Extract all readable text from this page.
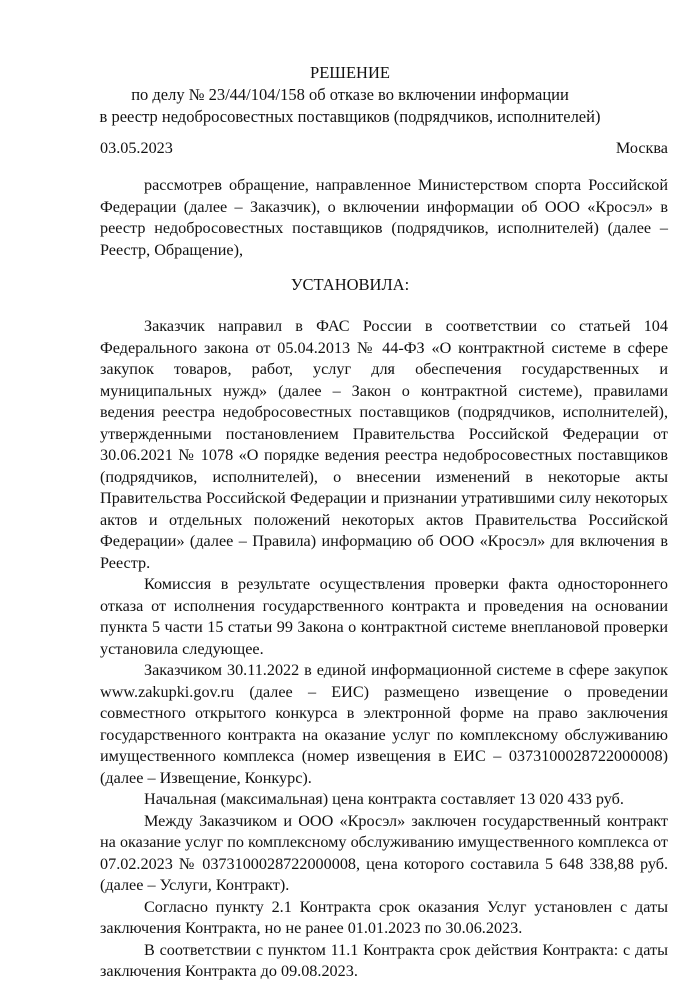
РЕШЕНИЕ
по делу № 23/44/104/158 об отказе во включении информации
в реестр недобросовестных поставщиков (подрядчиков, исполнителей)
03.05.2023	Москва

рассмотрев обращение, направленное Министерством спорта Российской Федерации (далее – Заказчик), о включении информации об ООО «Кросэл» в реестр недобросовестных поставщиков (подрядчиков, исполнителей) (далее – Реестр, Обращение),

УСТАНОВИЛА:

Заказчик направил в ФАС России в соответствии со статьей 104 Федерального закона от 05.04.2013 № 44-ФЗ «О контрактной системе в сфере закупок товаров, работ, услуг для обеспечения государственных и муниципальных нужд» (далее – Закон о контрактной системе), правилами ведения реестра недобросовестных поставщиков (подрядчиков, исполнителей), утвержденными постановлением Правительства Российской Федерации от 30.06.2021 № 1078 «О порядке ведения реестра недобросовестных поставщиков (подрядчиков, исполнителей), о внесении изменений в некоторые акты Правительства Российской Федерации и признании утратившими силу некоторых актов и отдельных положений некоторых актов Правительства Российской Федерации» (далее – Правила) информацию об ООО «Кросэл» для включения в Реестр.

Комиссия в результате осуществления проверки факта одностороннего отказа от исполнения государственного контракта и проведения на основании пункта 5 части 15 статьи 99 Закона о контрактной системе внеплановой проверки установила следующее.

Заказчиком 30.11.2022 в единой информационной системе в сфере закупок www.zakupki.gov.ru (далее – ЕИС) размещено извещение о проведении совместного открытого конкурса в электронной форме на право заключения государственного контракта на оказание услуг по комплексному обслуживанию имущественного комплекса (номер извещения в ЕИС – 0373100028722000008) (далее – Извещение, Конкурс).

Начальная (максимальная) цена контракта составляет 13 020 433 руб.

Между Заказчиком и ООО «Кросэл» заключен государственный контракт на оказание услуг по комплексному обслуживанию имущественного комплекса от 07.02.2023 № 0373100028722000008, цена которого составила 5 648 338,88 руб. (далее – Услуги, Контракт).

Согласно пункту 2.1 Контракта срок оказания Услуг установлен с даты заключения Контракта, но не ранее 01.01.2023 по 30.06.2023.

В соответствии с пунктом 11.1 Контракта срок действия Контракта: с даты заключения Контракта до 09.08.2023.
